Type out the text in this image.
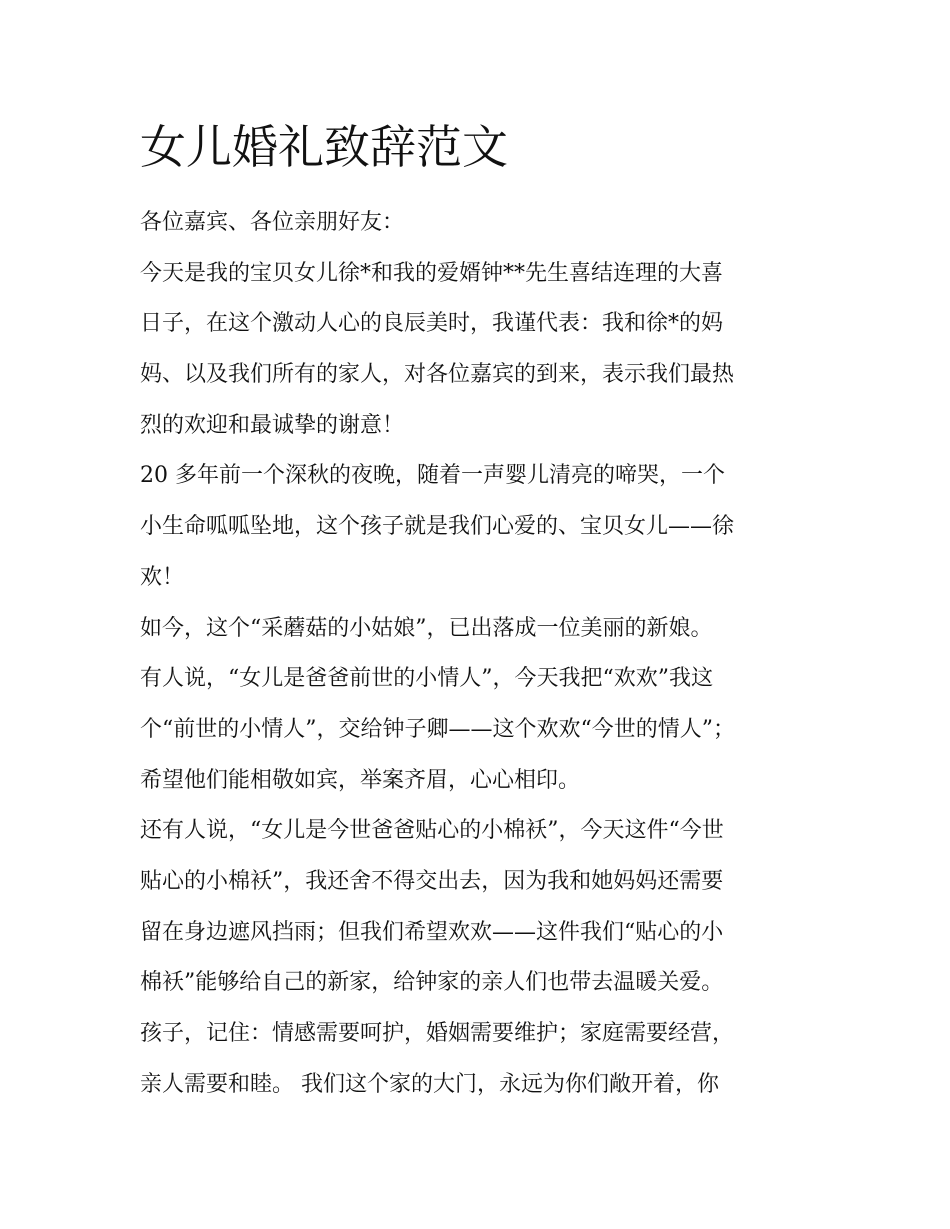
女儿婚礼致辞范文

各位嘉宾、各位亲朋好友：

今天是我的宝贝女儿徐*和我的爱婿钟**先生喜结连理的大喜
日子，在这个激动人心的良辰美时，我谨代表：我和徐*的妈
妈、以及我们所有的家人，对各位嘉宾的到来，表示我们最热
烈的欢迎和最诚挚的谢意！

20 多年前一个深秋的夜晚，随着一声婴儿清亮的啼哭，一个
小生命呱呱坠地，这个孩子就是我们心爱的、宝贝女儿——徐
欢！

如今，这个“采蘑菇的小姑娘”，已出落成一位美丽的新娘。

有人说，“女儿是爸爸前世的小情人”，今天我把“欢欢”我这
个“前世的小情人”，交给钟子卿——这个欢欢“今世的情人”；
希望他们能相敬如宾，举案齐眉，心心相印。

还有人说，“女儿是今世爸爸贴心的小棉袄”，今天这件“今世
贴心的小棉袄”，我还舍不得交出去，因为我和她妈妈还需要
留在身边遮风挡雨；但我们希望欢欢——这件我们“贴心的小
棉袄”能够给自己的新家，给钟家的亲人们也带去温暖关爱。

孩子，记住：情感需要呵护，婚姻需要维护；家庭需要经营，
亲人需要和睦。 我们这个家的大门，永远为你们敞开着，你
